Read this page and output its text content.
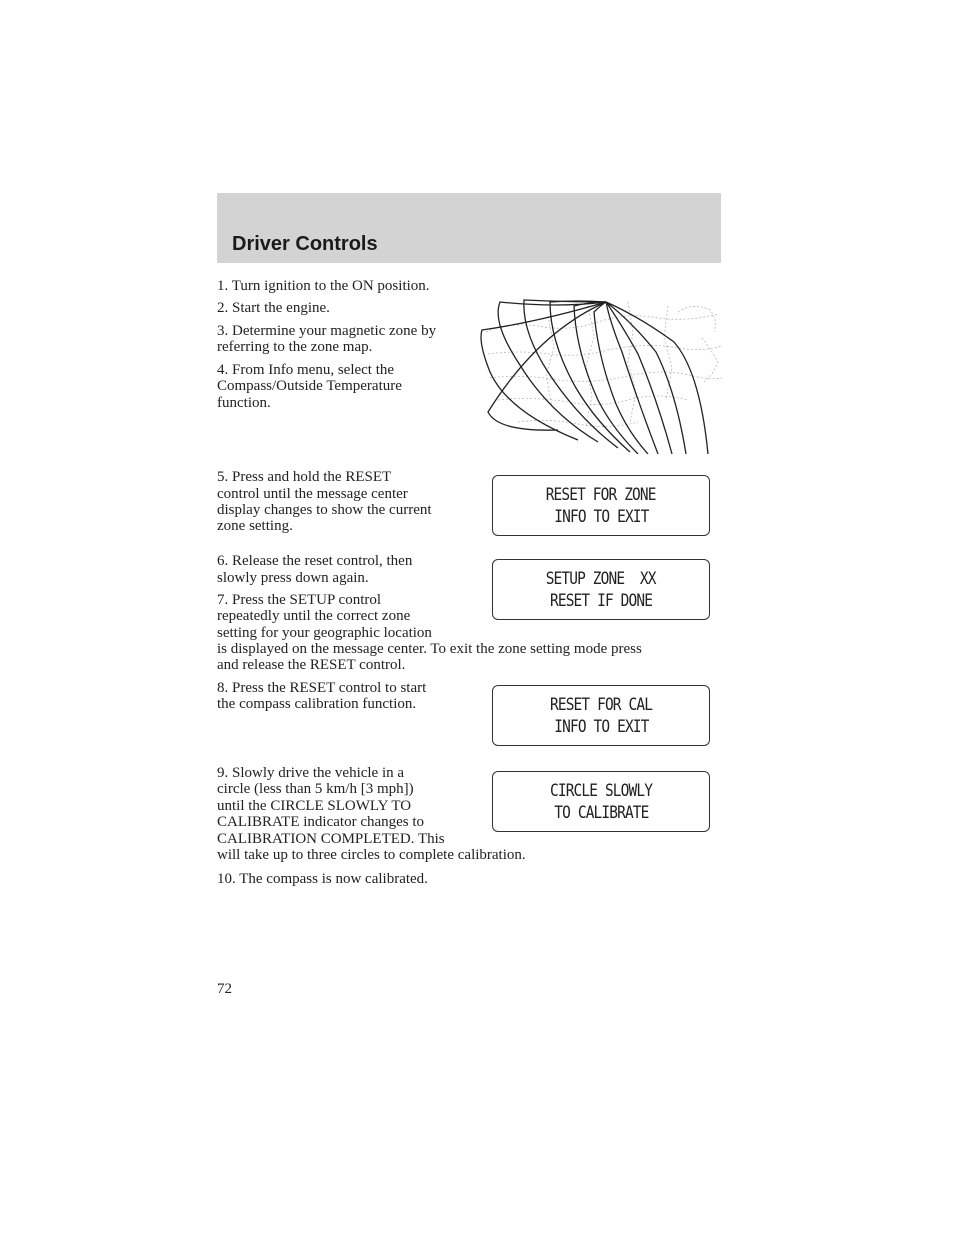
Driver Controls
1. Turn ignition to the ON position.
2. Start the engine.
3. Determine your magnetic zone by
referring to the zone map.
4. From Info menu, select the
Compass/Outside Temperature
function.
5. Press and hold the RESET
control until the message center
display changes to show the current
zone setting.
RESET FOR ZONE
INFO TO EXIT
6. Release the reset control, then
slowly press down again.
7. Press the SETUP control
repeatedly until the correct zone
setting for your geographic location
is displayed on the message center. To exit the zone setting mode press
and release the RESET control.
SETUP ZONE  XX
RESET IF DONE
8. Press the RESET control to start
the compass calibration function.	RESET FOR CAL
INFO TO EXIT
9. Slowly drive the vehicle in a
circle (less than 5 km/h [3 mph])
until the CIRCLE SLOWLY TO
CALIBRATE indicator changes to
CALIBRATION COMPLETED. This
will take up to three circles to complete calibration.
CIRCLE SLOWLY
TO CALIBRATE
10. The compass is now calibrated.
72
